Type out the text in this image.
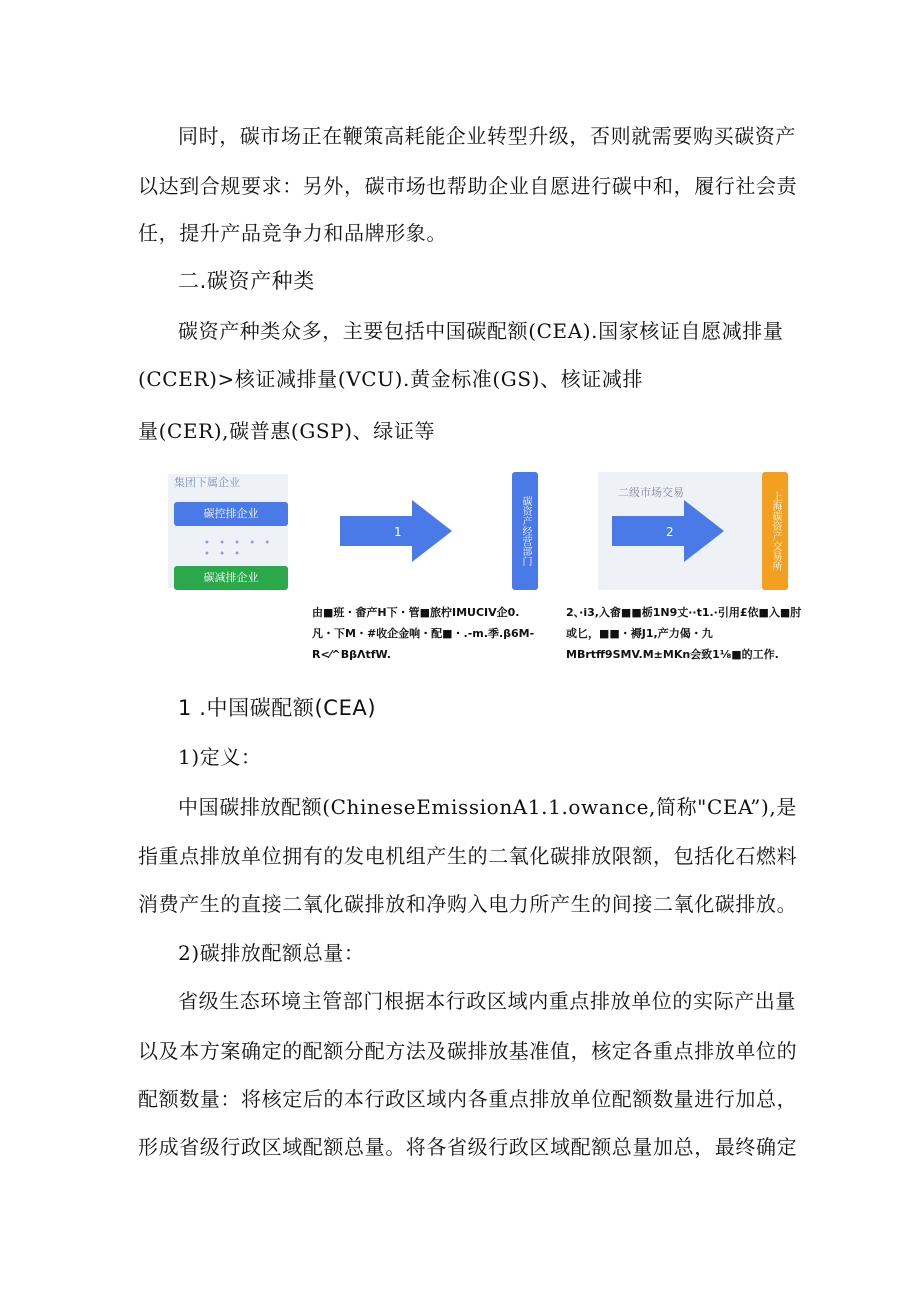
同时，碳市场正在鞭策高耗能企业转型升级，否则就需要购买碳资产
以达到合规要求：另外，碳市场也帮助企业自愿进行碳中和，履行社会责
任，提升产品竞争力和品牌形象。
二.碳资产种类
碳资产种类众多，主要包括中国碳配额(CEA).国家核证自愿减排量
(CCER)>核证减排量(VCU).黄金标准(GS)、核证减排
量(CER),碳普惠(GSP)、绿证等
集团下属企业
碳控排企业
• • • • • • • •
碳减排企业
1	碳资产经营部门
二级市场交易
2	上海碳资产交易所
由■班・畲产H下・管■旅柠IMUCIV企0.
凡・下M・#收企金响・配■・.-m.季.β6M-
R<⁄^BβΛtfW.
2、·i3,入畲■■栃1N9丈··t1.·引用£依■入■肘
或匕，■■・褥J1,产力偈・九
MBrtff9SMV.M±MKn会致1⅛■的工作.
1 .中国碳配额(CEA)
1)定义：
中国碳排放配额(ChineseEmissionA1.1.owance,简称"CEA”),是
指重点排放单位拥有的发电机组产生的二氧化碳排放限额，包括化石燃料
消费产生的直接二氧化碳排放和净购入电力所产生的间接二氧化碳排放。
2)碳排放配额总量：
省级生态环境主管部门根据本行政区域内重点排放单位的实际产出量
以及本方案确定的配额分配方法及碳排放基准值，核定各重点排放单位的
配额数量：将核定后的本行政区域内各重点排放单位配额数量进行加总，
形成省级行政区域配额总量。将各省级行政区域配额总量加总，最终确定
